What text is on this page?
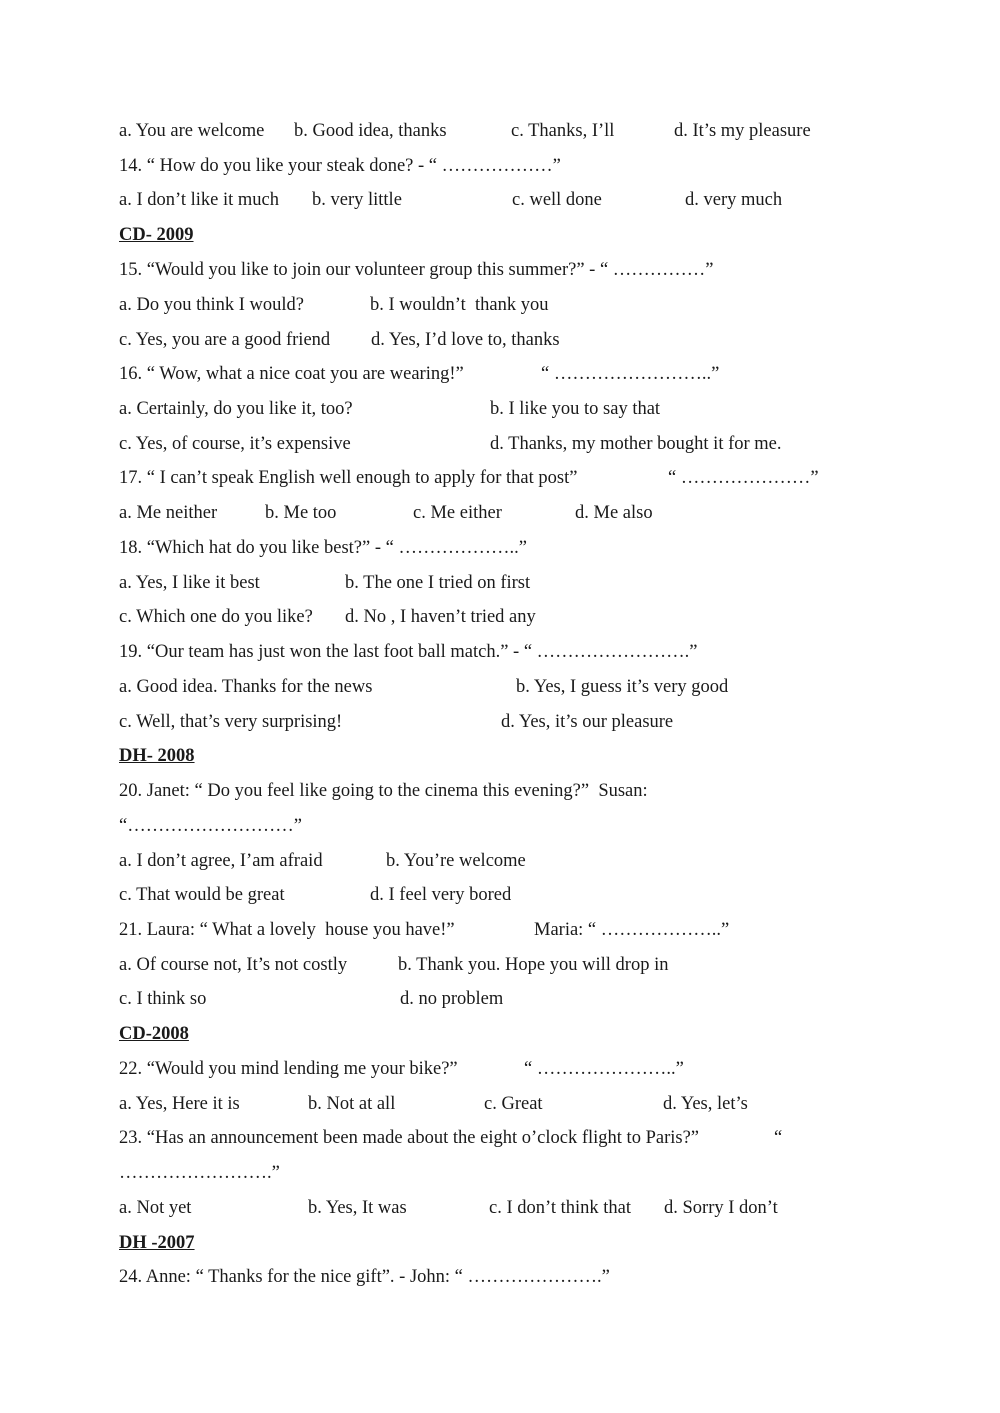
a. You are welcome

b. Good idea, thanks

	c. Thanks, I’ll

	d. It’s my pleasure

14. “ How do you like your steak done? - “ ………………”

a. I don’t like it much

b. very little

	c. well done

	d. very much

CD- 2009
15. “Would you like to join our volunteer group this summer?” - “ ……………”

a. Do you think I would?

	b. I wouldn’t  thank you

c. Yes, you are a good friend

d. Yes, I’d love to, thanks

16. “ Wow, what a nice coat you are wearing!”

	“ ……………………..”

a. Certainly, do you like it, too?

	b. I like you to say that

c. Yes, of course, it’s expensive

	d. Thanks, my mother bought it for me.

17. “ I can’t speak English well enough to apply for that post”

	“ …………………”

a. Me neither

	b. Me too

	c. Me either

	d. Me also

18. “Which hat do you like best?” - “ ………………..”

a. Yes, I like it best

	b. The one I tried on first

c. Which one do you like?

d. No , I haven’t tried any

19. “Our team has just won the last foot ball match.” - “ …………………….”

a. Good idea. Thanks for the news

	b. Yes, I guess it’s very good

c. Well, that’s very surprising!

	d. Yes, it’s our pleasure

DH- 2008
20. Janet: “ Do you feel like going to the cinema this evening?”  Susan:
“………………………”

a. I don’t agree, I’am afraid

	b. You’re welcome

c. That would be great

	d. I feel very bored

21. Laura: “ What a lovely  house you have!”

	Maria: “ ………………..”

a. Of course not, It’s not costly

	b. Thank you. Hope you will drop in

c. I think so

	d. no problem

CD-2008

22. “Would you mind lending me your bike?”

	“ …………………..”

a. Yes, Here it is

	b. Not at all

	c. Great

	d. Yes, let’s

23. “Has an announcement been made about the eight o’clock flight to Paris?”

	“

…………………….”

a. Not yet

	b. Yes, It was

	c. I don’t think that

d. Sorry I don’t

DH -2007
24. Anne: “ Thanks for the nice gift”. - John: “ ………………….”
